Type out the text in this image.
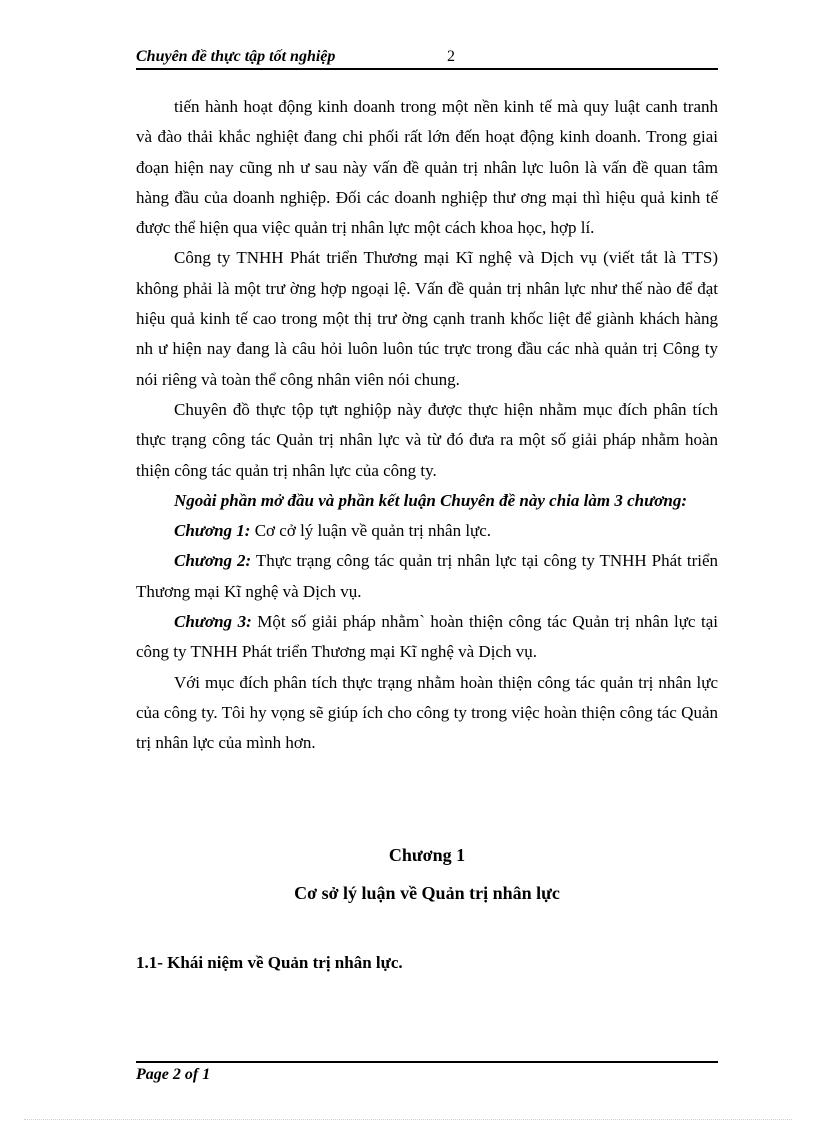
Chuyên đề thực tập tốt nghiệp	2

tiến hành hoạt động kinh doanh trong một nền kinh tế mà quy luật canh tranh và đào thải khắc nghiệt đang chi phối rất lớn đến hoạt động kinh doanh. Trong giai đoạn hiện nay cũng nh ư sau này vấn đề quản trị nhân lực luôn là vấn đề quan tâm hàng đầu của doanh nghiệp. Đối các doanh nghiệp thư ơng mại thì hiệu quả kinh tế được thể hiện qua việc quản trị nhân lực một cách khoa học, hợp lí.

Công ty TNHH Phát triển Thương mại Kĩ nghệ và Dịch vụ (viết tắt là TTS) không phải là một trư ờng hợp ngoại lệ. Vấn đề quản trị nhân lực như thế nào để đạt hiệu quả kinh tế cao trong một thị trư ờng cạnh tranh khốc liệt để giành khách hàng nh ư hiện nay đang là câu hỏi luôn luôn túc trực trong đầu các nhà quản trị Công ty nói riêng và toàn thể công nhân viên nói chung.

Chuyên đồ thực tộp tựt nghiộp này được thực hiện nhằm mục đích phân tích thực trạng công tác Quản trị nhân lực và từ đó đưa ra một số giải pháp nhằm hoàn thiện công tác quản trị nhân lực của công ty.

Ngoài phần mở đầu và phần kết luận Chuyên đề này chia làm 3 chương:

Chương 1: Cơ cở lý luận về quản trị nhân lực.

Chương 2: Thực trạng công tác quản trị nhân lực tại công ty TNHH Phát triển Thương mại Kĩ nghệ và Dịch vụ.

Chương 3: Một số giải pháp nhằm` hoàn thiện công tác Quản trị nhân lực tại công ty TNHH Phát triển Thương mại Kĩ nghệ và Dịch vụ.

Với mục đích phân tích thực trạng nhằm hoàn thiện công tác quản trị nhân lực của công ty. Tôi hy vọng sẽ giúp ích cho công ty trong việc hoàn thiện công tác Quản trị nhân lực của mình hơn.

Chương 1
Cơ sở lý luận về Quản trị nhân lực
1.1- Khái niệm về Quản trị nhân lực.
Page 2 of 1
